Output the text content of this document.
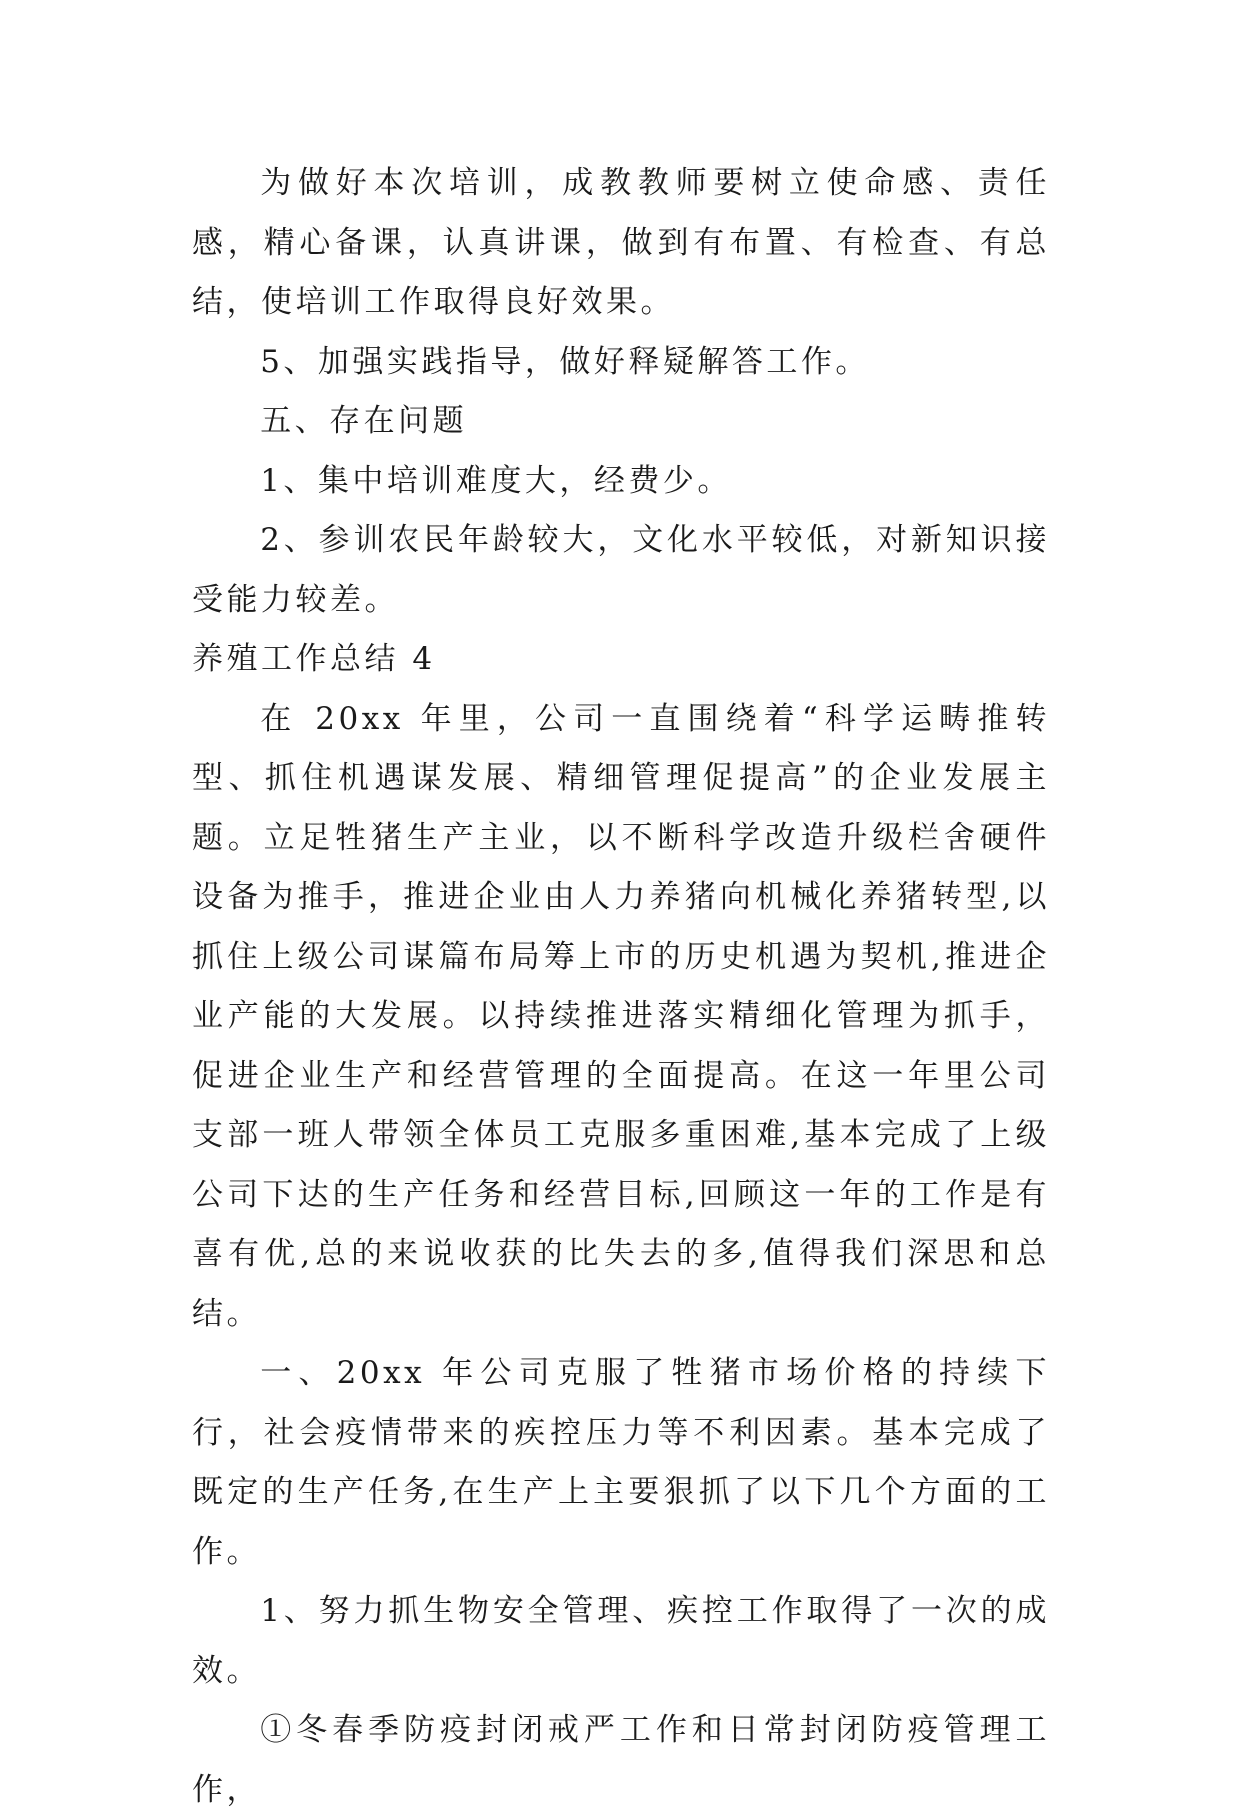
为做好本次培训，成教教师要树立使命感、责任感，精心备课，认真讲课，做到有布置、有检查、有总结，使培训工作取得良好效果。

5、加强实践指导，做好释疑解答工作。

五、存在问题

1、集中培训难度大，经费少。

2、参训农民年龄较大，文化水平较低，对新知识接受能力较差。

养殖工作总结 4

在 20xx 年里，公司一直围绕着“科学运畴推转型、抓住机遇谋发展、精细管理促提高”的企业发展主题。立足牲猪生产主业，以不断科学改造升级栏舍硬件设备为推手，推进企业由人力养猪向机械化养猪转型,以抓住上级公司谋篇布局筹上市的历史机遇为契机,推进企业产能的大发展。以持续推进落实精细化管理为抓手，促进企业生产和经营管理的全面提高。在这一年里公司支部一班人带领全体员工克服多重困难,基本完成了上级公司下达的生产任务和经营目标,回顾这一年的工作是有喜有优,总的来说收获的比失去的多,值得我们深思和总结。

一、20xx 年公司克服了牲猪市场价格的持续下行，社会疫情带来的疾控压力等不利因素。基本完成了既定的生产任务,在生产上主要狠抓了以下几个方面的工作。

1、努力抓生物安全管理、疾控工作取得了一次的成效。

①冬春季防疫封闭戒严工作和日常封闭防疫管理工作，
